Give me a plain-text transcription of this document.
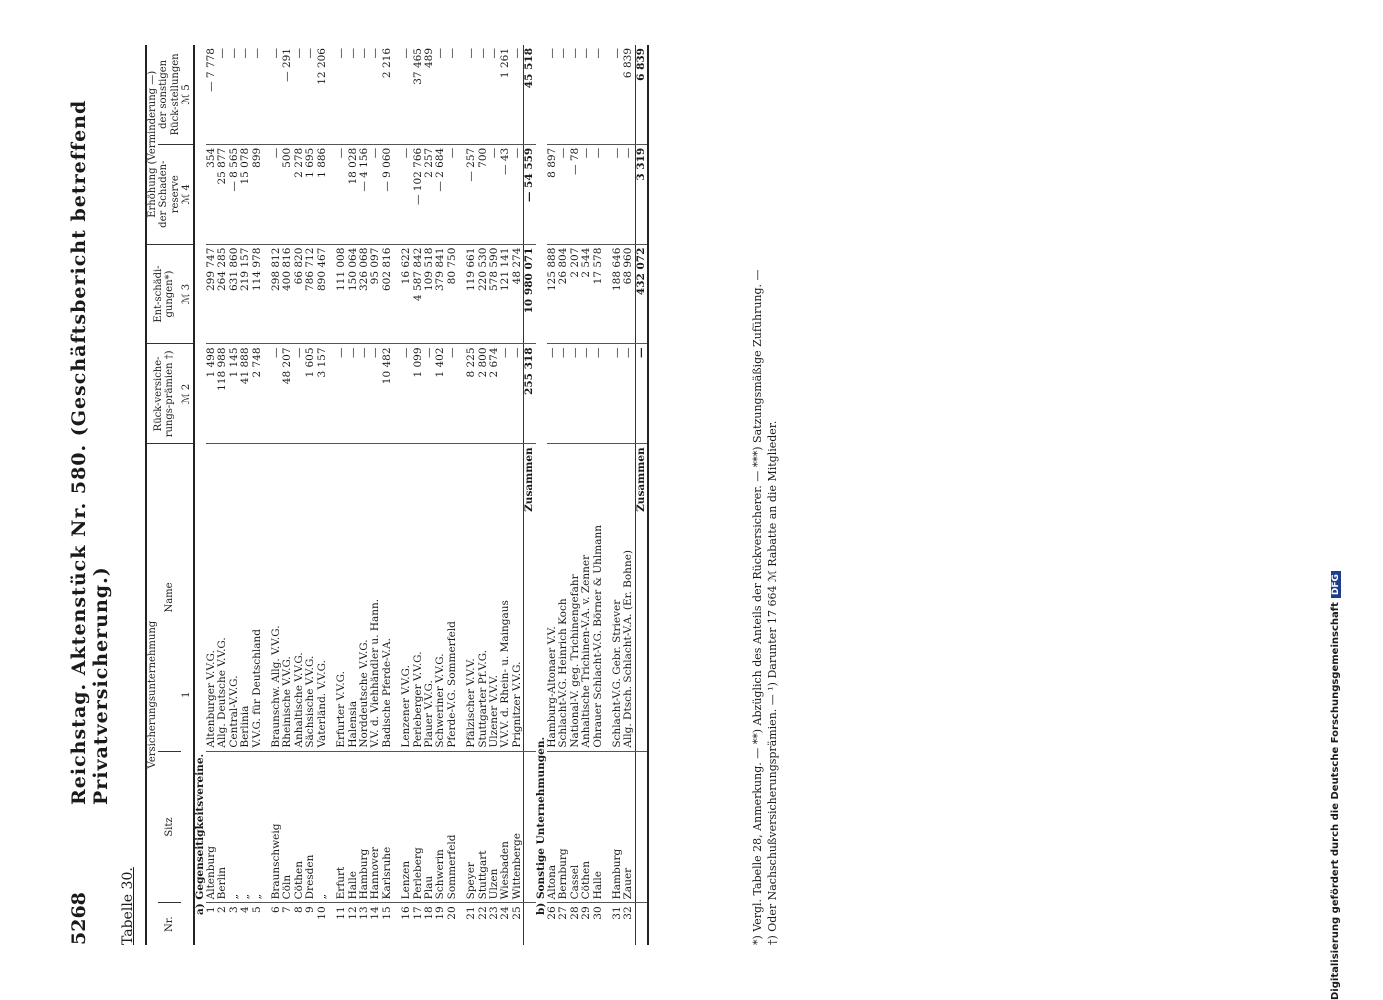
5268
Reichstag. Aktenstück Nr. 580. (Geschäftsbericht betreffend Privatversicherung.)
Tabelle 30.
Versicherungsunternehmung			Rück-versiche-rungs-prämien †)	Ent-schädi-gungen*)	Erhöhung (Verminderung —)	
Nr.	Sitz	Name			der Schaden-reserve	der sonstigen Rück-stellungen
1			ℳ 2	ℳ 3	ℳ 4	ℳ 5
a) Gegenseitigkeitsvereine.						
1	Altenburg	Altenburger V.V.G.	1 498	299 747	354	— 7 778
2	Berlin	Allg. Deutsche V.V.G.	118 988	264 285	25 877	—
3	„	Central-V.V.G.	1 145	631 860	— 8 565	—
4	„	Berlinia	41 888	219 157	15 078	—
5	„	V.V.G. für Deutschland	2 748	114 978	899	—

6	Braunschweig	Braunschw. Allg. V.V.G.	—	298 812	—	—
7	Cöln	Rheinische V.V.G.	48 207	400 816	500	— 291
8	Cöthen	Anhaltische V.V.G.	—	66 820	2 278	—
9	Dresden	Sächsische V.V.G.	1 605	786 712	1 695	—
10	„	Vaterländ. V.V.G.	3 157	890 467	1 886	12 206

11	Erfurt	Erfurter V.V.G.	—	111 008	—	—
12	Halle	Halensia	—	150 064	18 028	—
13	Hamburg	Norddeutsche V.V.G.	—	326 068	— 4 156	—
14	Hannover	V.V. d. Viehhändler u. Hann.	—	95 097	—	—
15	Karlsruhe	Badische Pferde-V.A.	10 482	602 816	— 9 060	2 216

16	Lenzen	Lenzener V.V.G.	—	16 622	—	—
17	Perleberg	Perleberger V.V.G.	1 099	4 587 842	— 102 766	37 465
18	Plau	Plauer V.V.G.	—	109 518	2 257	489
19	Schwerin	Schweriner V.V.G.	1 402	379 841	— 2 684	—
20	Sommerfeld	Pferde-V.G. Sommerfeld	—	80 750	—	—

21	Speyer	Pfälzischer V.V.V.	8 225	119 661	— 257	—
22	Stuttgart	Stuttgarter Pf.V.G.	2 800	220 530	700	—
23	Ulzen	Ulzener V.V.V.	2 674	578 590	—	—
24	Wiesbaden	V.V.V. d. Rhein- u. Maingaus	—	121 141	— 43	1 261
25	Wittenberge	Prignitzer V.V.G.	—	48 274	—	—
		Zusammen	255 318	10 980 071	— 54 559	45 518
b) Sonstige Unternehmungen.						
26	Altona	Hamburg-Altonaer V.V.	—	125 888	8 897	—
27	Bernburg	Schlacht-V.G. Heinrich Koch	—	26 804	—	—
28	Cassel	National-V. geg. Trichinengefahr	—	2 207	— 78	—
29	Cöthen	Anhaltische Trichinen-V.A. v. Zenner	—	2 544	—	—
30	Halle	Ohrauer Schlacht-V.G. Börner & Uhlmann	—	17 578	—	—

31	Hamburg	Schlacht-V.G. Gebr. Striever	—	188 646	—	—
32	Zauer	Allg. Dtsch. Schlacht-V.A. (Er. Bohne)	—	68 960	—	6 839
		Zusammen	—	432 072	3 319	6 839
*) Vergl. Tabelle 28, Anmerkung. — **) Abzüglich des Anteils der Rückversicherer. — ***) Satzungsmäßige Zuführung. — †) Oder Nachschußversicherungsprämien. — ¹) Darunter 17 664 ℳ Rabatte an die Mitglieder.	Digitalisierung gefördert durch die Deutsche ForschungsgemeinschaftDFG
